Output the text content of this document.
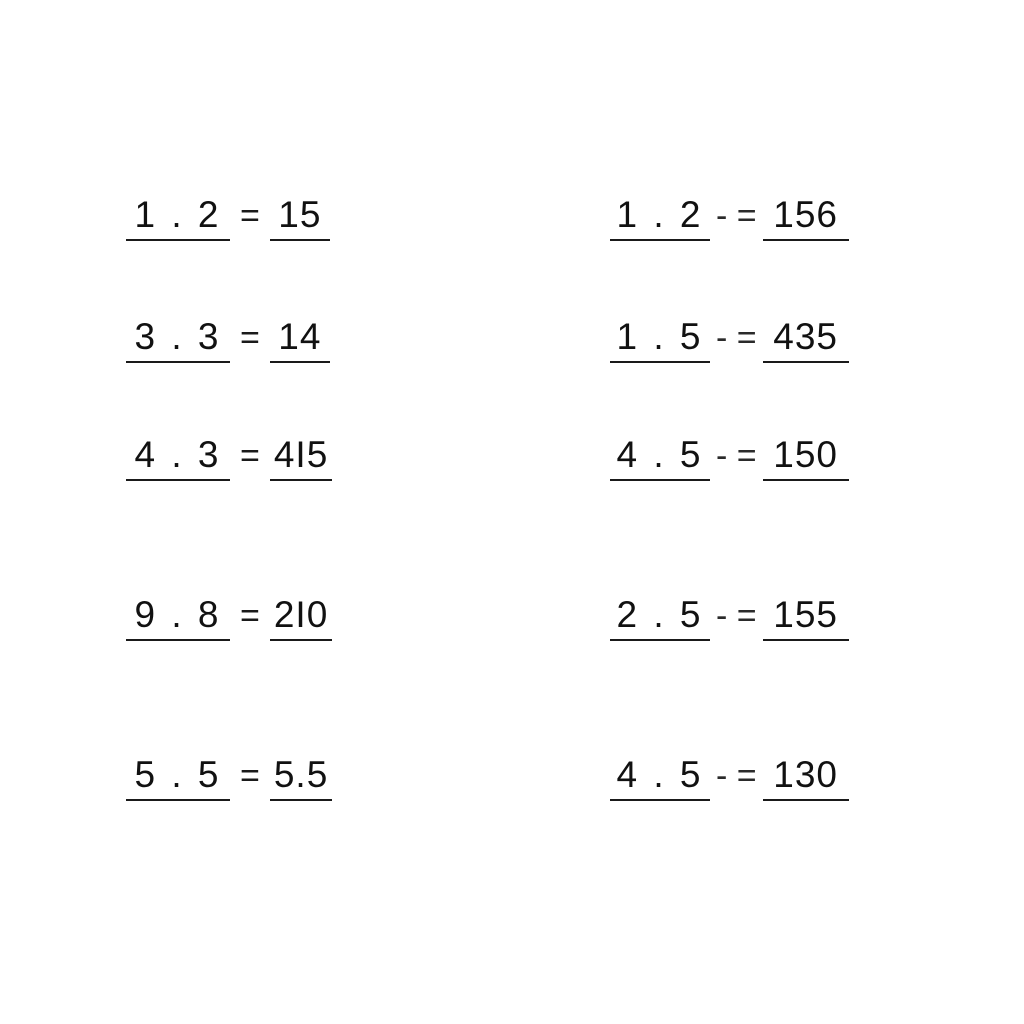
1 . 2 = 15
3 . 3 = 14
4 . 3 = 4I5
9 . 8 = 2I0
5 . 5 = 5.5
1 . 2 - = 156
1 . 5 - = 435
4 . 5 - = 150
2 . 5 - = 155
4 . 5 - = 130
